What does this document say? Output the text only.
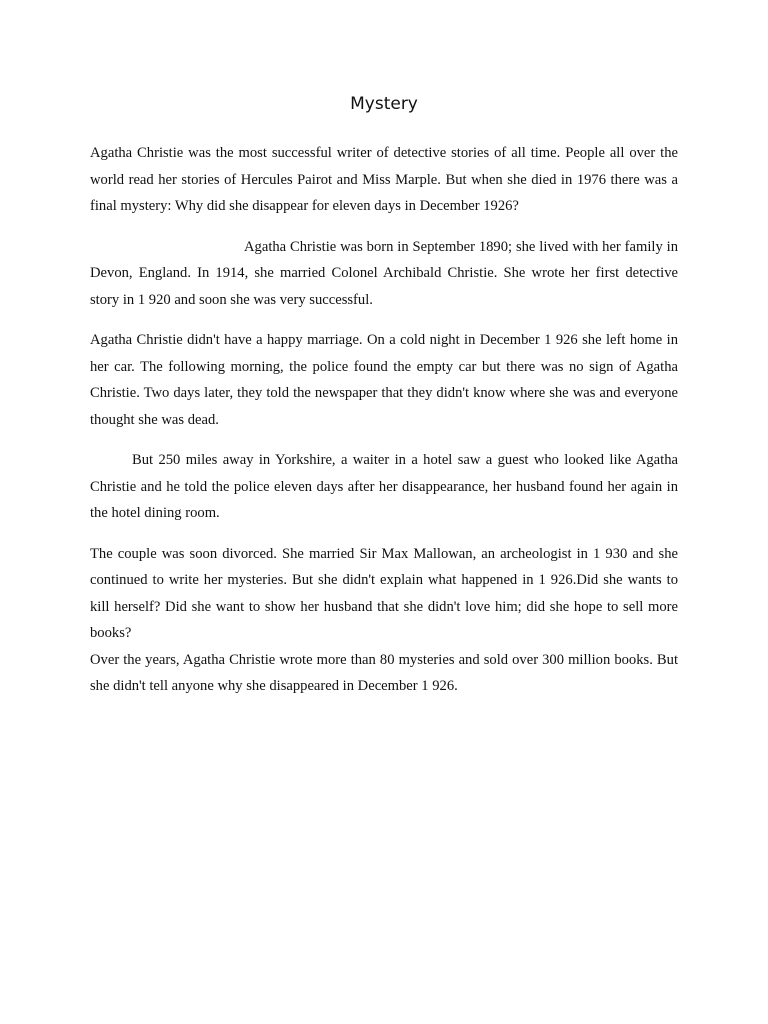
Mystery

Agatha Christie was the most successful writer of detective stories of all time. People all over the world read her stories of Hercules Pairot and Miss Marple. But when she died in 1976 there was a final mystery: Why did she disappear for eleven days in December 1926?

Agatha Christie was born in September 1890; she lived with her family in Devon, England. In 1914, she married Colonel Archibald Christie. She wrote her first detective story in 1 920 and soon she was very successful.

Agatha Christie didn't have a happy marriage. On a cold night in December 1 926 she left home in her car. The following morning, the police found the empty car but there was no sign of Agatha Christie. Two days later, they told the newspaper that they didn't know where she was and everyone thought she was dead.

But 250 miles away in Yorkshire, a waiter in a hotel saw a guest who looked like Agatha Christie and he told the police eleven days after her disappearance, her husband found her again in the hotel dining room.

The couple was soon divorced. She married Sir Max Mallowan, an archeologist in 1 930 and she continued to write her mysteries. But she didn't explain what happened in 1 926.Did she wants to kill herself? Did she want to show her husband that she didn't love him; did she hope to sell more books?

Over the years, Agatha Christie wrote more than 80 mysteries and sold over 300 million books. But she didn't tell anyone why she disappeared in December 1 926.
